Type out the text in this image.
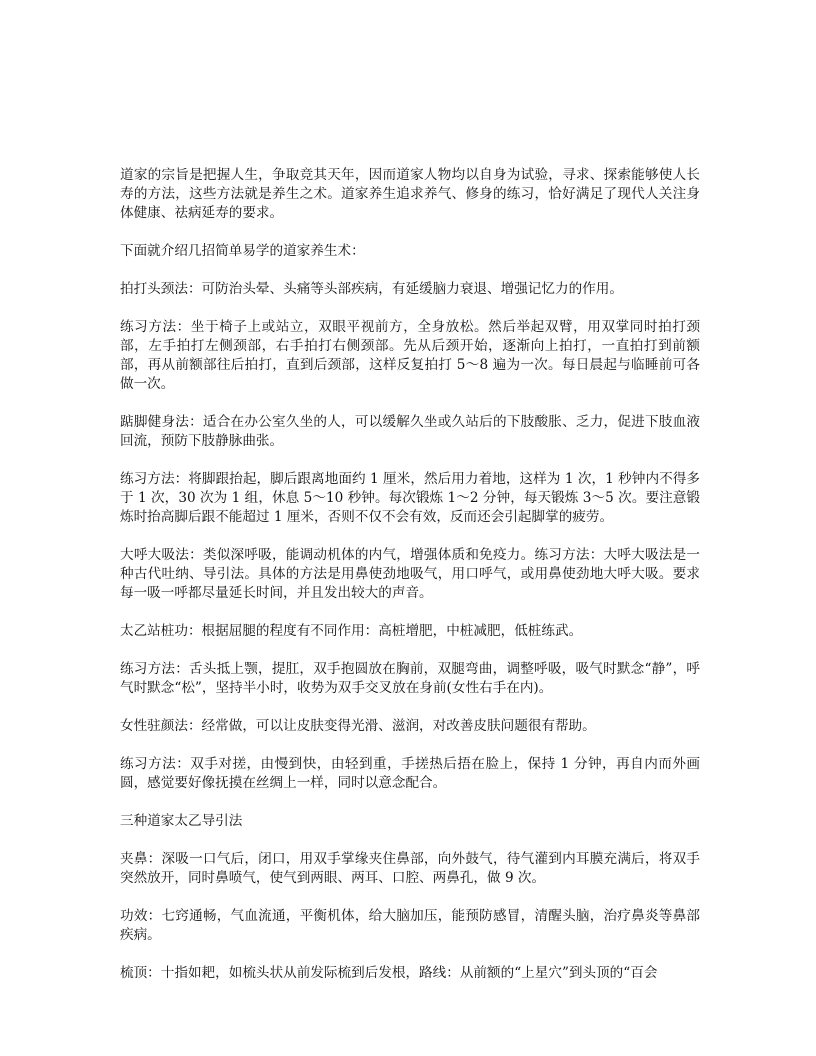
道家的宗旨是把握人生，争取竞其天年，因而道家人物均以自身为试验，寻求、探索能够使人长寿的方法，这些方法就是养生之术。道家养生追求养气、修身的练习，恰好满足了现代人关注身体健康、祛病延寿的要求。

下面就介绍几招简单易学的道家养生术：

拍打头颈法：可防治头晕、头痛等头部疾病，有延缓脑力衰退、增强记忆力的作用。

练习方法：坐于椅子上或站立，双眼平视前方，全身放松。然后举起双臂，用双掌同时拍打颈部，左手拍打左侧颈部，右手拍打右侧颈部。先从后颈开始，逐渐向上拍打，一直拍打到前额部，再从前额部往后拍打，直到后颈部，这样反复拍打 5～8 遍为一次。每日晨起与临睡前可各做一次。

踮脚健身法：适合在办公室久坐的人，可以缓解久坐或久站后的下肢酸胀、乏力，促进下肢血液回流，预防下肢静脉曲张。

练习方法：将脚跟抬起，脚后跟离地面约 1 厘米，然后用力着地，这样为 1 次，1 秒钟内不得多于 1 次，30 次为 1 组，休息 5～10 秒钟。每次锻炼 1～2 分钟，每天锻炼 3～5 次。要注意锻炼时抬高脚后跟不能超过 1 厘米，否则不仅不会有效，反而还会引起脚掌的疲劳。

大呼大吸法：类似深呼吸，能调动机体的内气，增强体质和免疫力。练习方法：大呼大吸法是一种古代吐纳、导引法。具体的方法是用鼻使劲地吸气，用口呼气，或用鼻使劲地大呼大吸。要求每一吸一呼都尽量延长时间，并且发出较大的声音。

太乙站桩功：根据屈腿的程度有不同作用：高桩增肥，中桩减肥，低桩练武。

练习方法：舌头抵上颚，提肛，双手抱圆放在胸前，双腿弯曲，调整呼吸，吸气时默念“静”，呼气时默念“松”，坚持半小时，收势为双手交叉放在身前(女性右手在内)。

女性驻颜法：经常做，可以让皮肤变得光滑、滋润，对改善皮肤问题很有帮助。

练习方法：双手对搓，由慢到快，由轻到重，手搓热后捂在脸上，保持 1 分钟，再自内而外画圆，感觉要好像抚摸在丝绸上一样，同时以意念配合。

三种道家太乙导引法

夹鼻：深吸一口气后，闭口，用双手掌缘夹住鼻部，向外鼓气，待气灌到内耳膜充满后，将双手突然放开，同时鼻喷气，使气到两眼、两耳、口腔、两鼻孔，做 9 次。

功效：七窍通畅，气血流通，平衡机体，给大脑加压，能预防感冒，清醒头脑，治疗鼻炎等鼻部疾病。

梳顶：十指如耙，如梳头状从前发际梳到后发根，路线：从前额的“上星穴”到头顶的“百会
